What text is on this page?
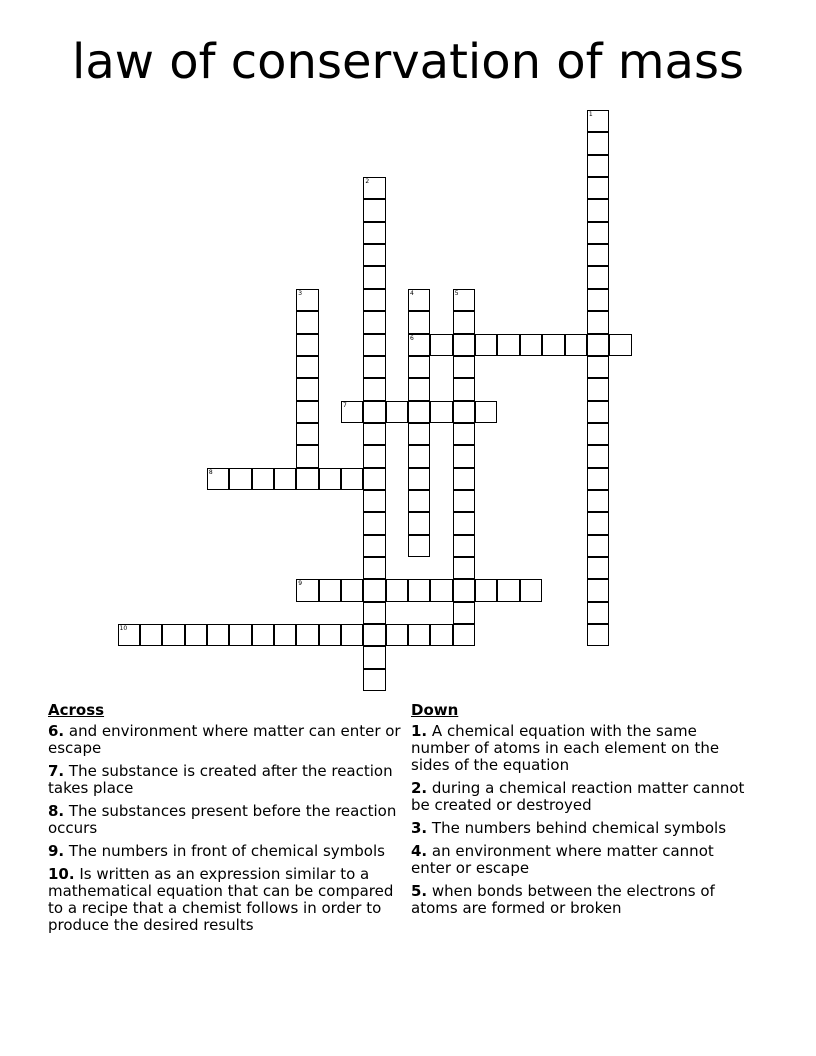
law of conservation of mass
1
2
3	4
6
5
7
8
9
10
Across
6. and environment where matter can enter or escape
7. The substance is created after the reaction takes place
8. The substances present before the reaction occurs
9. The numbers in front of chemical symbols
10. Is written as an expression similar to a mathematical equation that can be compared to a recipe that a chemist follows in order to produce the desired results
Down
1. A chemical equation with the same number of atoms in each element on the sides of the equation
2. during a chemical reaction matter cannot be created or destroyed
3. The numbers behind chemical symbols
4. an environment where matter cannot enter or escape
5. when bonds between the electrons of atoms are formed or broken
